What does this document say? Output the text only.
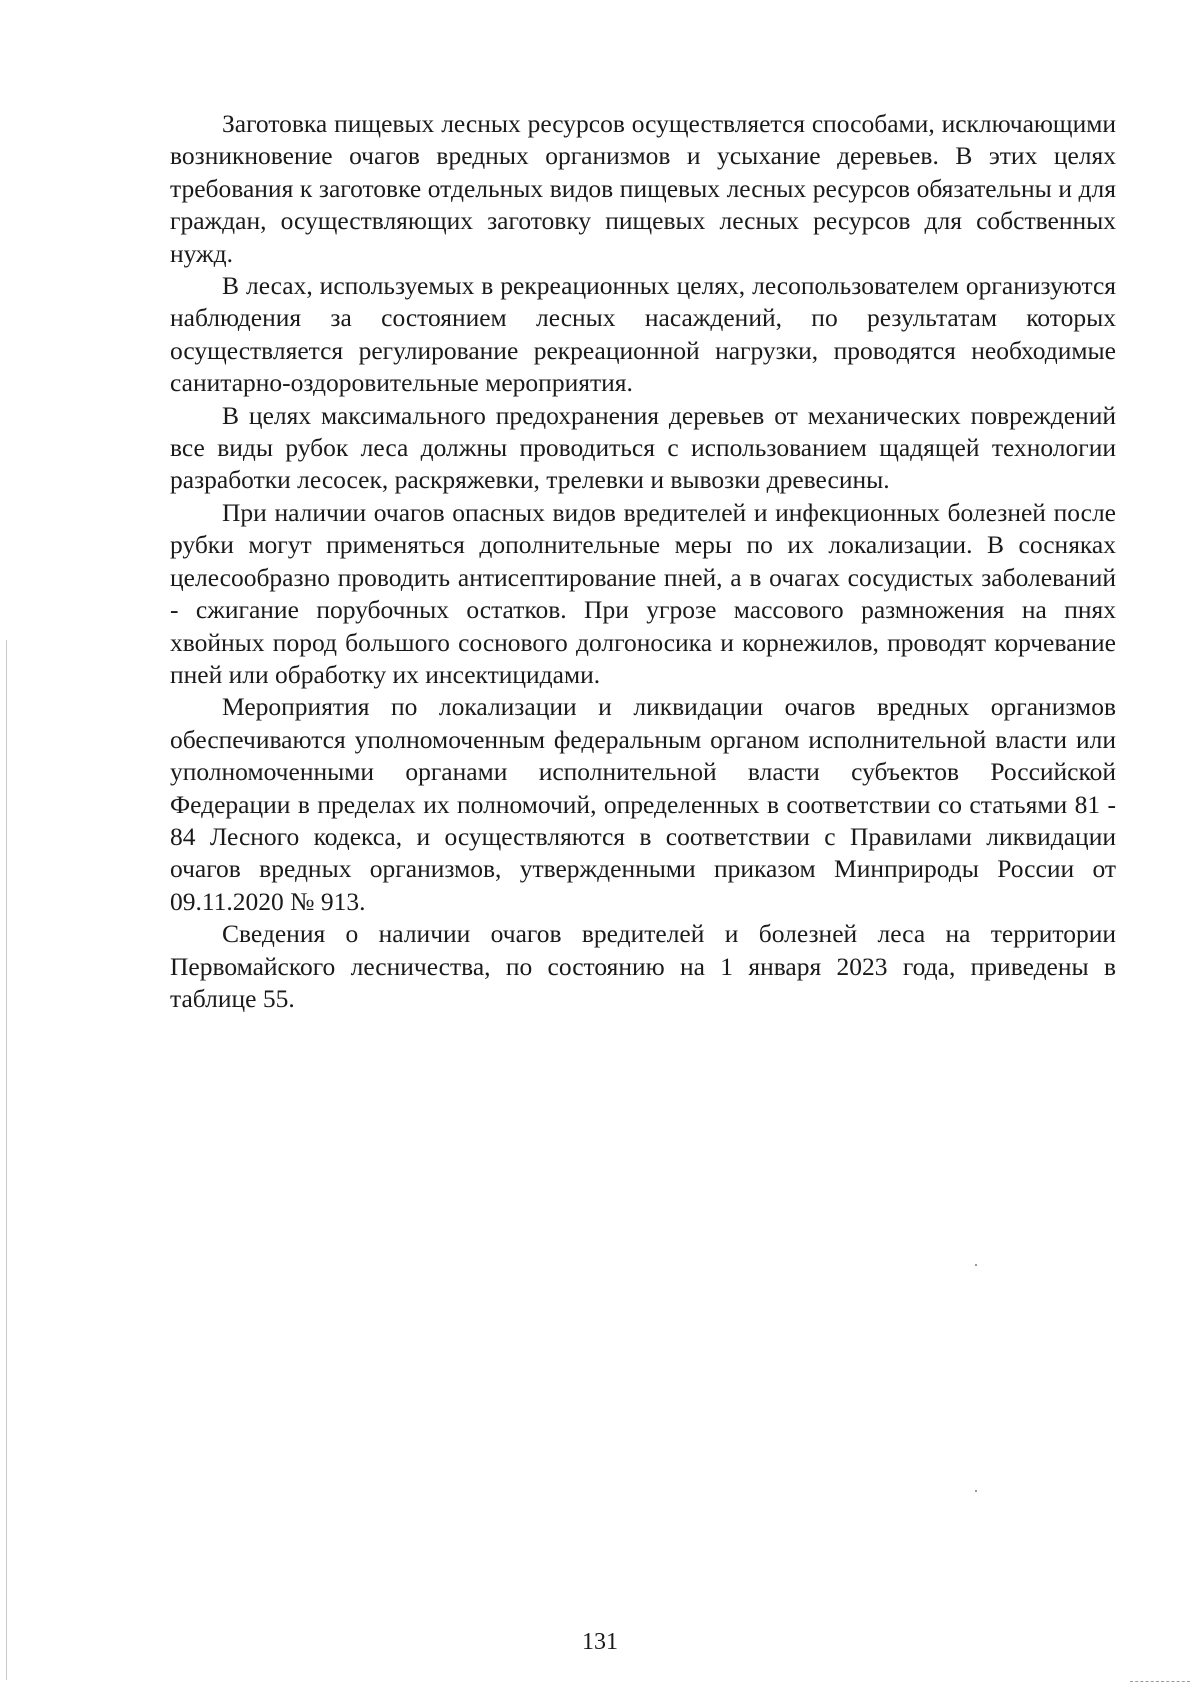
Заготовка пищевых лесных ресурсов осуществляется способами, исключающими возникновение очагов вредных организмов и усыхание деревьев. В этих целях требования к заготовке отдельных видов пищевых лесных ресурсов обязательны и для граждан, осуществляющих заготовку пищевых лесных ресурсов для собственных нужд.

В лесах, используемых в рекреационных целях, лесопользователем организуются наблюдения за состоянием лесных насаждений, по результатам которых осуществляется регулирование рекреационной нагрузки, проводятся необходимые санитарно-оздоровительные мероприятия.

В целях максимального предохранения деревьев от механических повреждений все виды рубок леса должны проводиться с использованием щадящей технологии разработки лесосек, раскряжевки, трелевки и вывозки древесины.

При наличии очагов опасных видов вредителей и инфекционных болезней после рубки могут применяться дополнительные меры по их локализации. В сосняках целесообразно проводить антисептирование пней, а в очагах сосудистых заболеваний - сжигание порубочных остатков. При угрозе массового размножения на пнях хвойных пород большого соснового долгоносика и корнежилов, проводят корчевание пней или обработку их инсектицидами.

Мероприятия по локализации и ликвидации очагов вредных организмов обеспечиваются уполномоченным федеральным органом исполнительной власти или уполномоченными органами исполнительной власти субъектов Российской Федерации в пределах их полномочий, определенных в соответствии со статьями 81 - 84 Лесного кодекса, и осуществляются в соответствии с Правилами ликвидации очагов вредных организмов, утвержденными приказом Минприроды России от 09.11.2020 № 913.

Сведения о наличии очагов вредителей и болезней леса на территории Первомайского лесничества, по состоянию на 1 января 2023 года, приведены в таблице 55.

131
